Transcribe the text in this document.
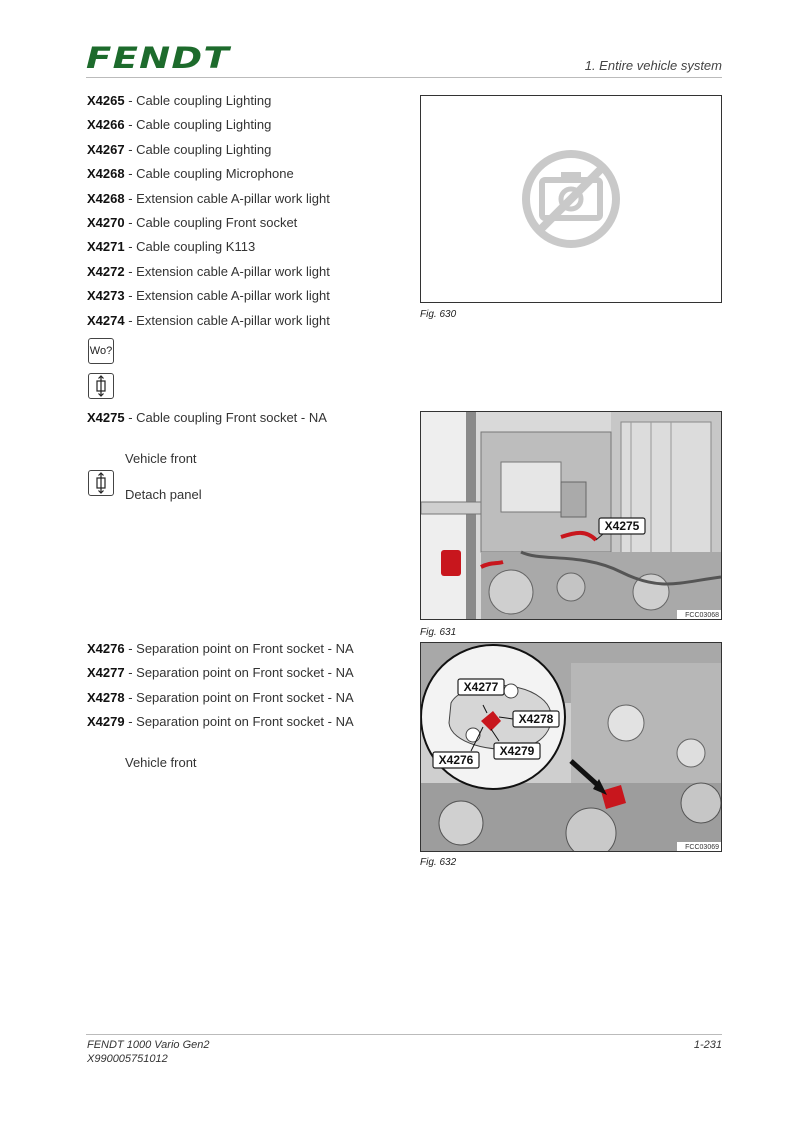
FENDT	1. Entire vehicle system
X4265 - Cable coupling Lighting
X4266 - Cable coupling Lighting
X4267 - Cable coupling Lighting
X4268 - Cable coupling Microphone
X4268 - Extension cable A-pillar work light
X4270 - Cable coupling Front socket
X4271 - Cable coupling K113
X4272 - Extension cable A-pillar work light
X4273 - Extension cable A-pillar work light
X4274 - Extension cable A-pillar work light
Wo?
X4275 - Cable coupling Front socket - NA
Vehicle front
Detach panel
X4276 - Separation point on Front socket - NA
X4277 - Separation point on Front socket - NA
X4278 - Separation point on Front socket - NA
X4279 - Separation point on Front socket - NA
Vehicle front
Fig. 630
X4275
FCC03068
Fig. 631
X4277
X4278
X4279
X4276
FCC03069
Fig. 632
FENDT 1000 Vario Gen2
X990005751012
1-231
